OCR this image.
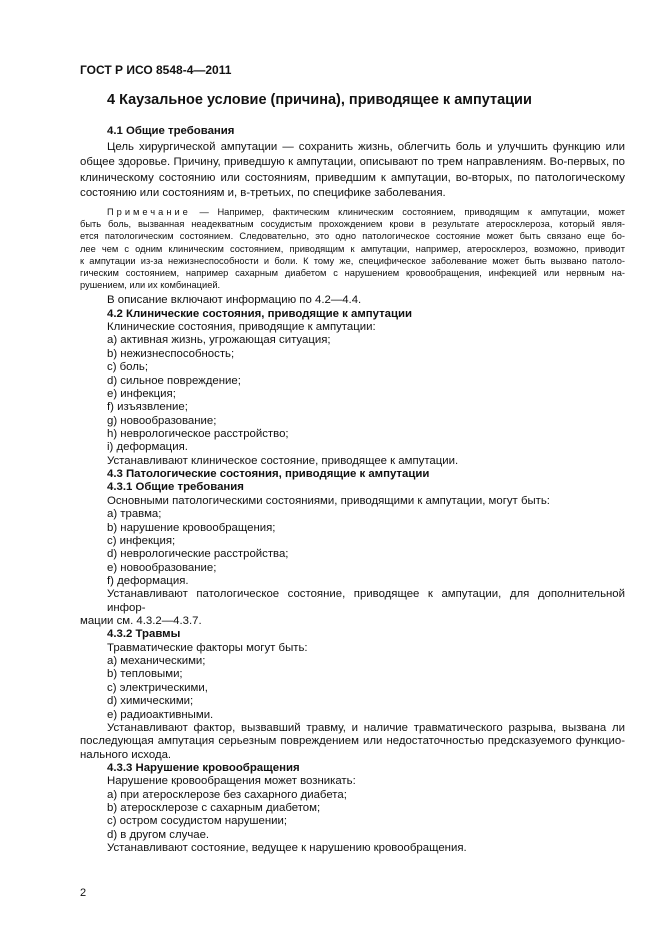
ГОСТ Р ИСО 8548-4—2011
4 Каузальное условие (причина), приводящее к ампутации
4.1 Общие требования
Цель хирургической ампутации — сохранить жизнь, облегчить боль и улучшить функцию или
общее здоровье. Причину, приведшую к ампутации, описывают по трем направлениям. Во-первых, по
клиническому состоянию или состояниям, приведшим к ампутации, во-вторых, по патологическому
состоянию или состояниям и, в-третьих, по специфике заболевания.
Примечание — Например, фактическим клиническим состоянием, приводящим к ампутации, может
быть боль, вызванная неадекватным сосудистым прохождением крови в результате атеросклероза, который явля-
ется патологическим состоянием. Следовательно, это одно патологическое состояние может быть связано еще бо-
лее чем с одним клиническим состоянием, приводящим к ампутации, например, атеросклероз, возможно, приводит
к ампутации из-за нежизнеспособности и боли. К тому же, специфическое заболевание может быть вызвано патоло-
гическим состоянием, например сахарным диабетом с нарушением кровообращения, инфекцией или нервным на-
рушением, или их комбинацией.
В описание включают информацию по 4.2—4.4.
4.2 Клинические состояния, приводящие к ампутации
Клинические состояния, приводящие к ампутации:
a) активная жизнь, угрожающая ситуация;
b) нежизнеспособность;
c) боль;
d) сильное повреждение;
e) инфекция;
f) изъязвление;
g) новообразование;
h) неврологическое расстройство;
i) деформация.
Устанавливают клиническое состояние, приводящее к ампутации.
4.3 Патологические состояния, приводящие к ампутации
4.3.1 Общие требования
Основными патологическими состояниями, приводящими к ампутации, могут быть:
a) травма;
b) нарушение кровообращения;
c) инфекция;
d) неврологические расстройства;
e) новообразование;
f) деформация.
Устанавливают патологическое состояние, приводящее к ампутации, для дополнительной инфор-
мации см. 4.3.2—4.3.7.
4.3.2 Травмы
Травматические факторы могут быть:
a) механическими;
b) тепловыми;
c) электрическими,
d) химическими;
e) радиоактивными.
Устанавливают фактор, вызвавший травму, и наличие травматического разрыва, вызвана ли
последующая ампутация серьезным повреждением или недостаточностью предсказуемого функцио-
нального исхода.
4.3.3 Нарушение кровообращения
Нарушение кровообращения может возникать:
a) при атеросклерозе без сахарного диабета;
b) атеросклерозе с сахарным диабетом;
c) остром сосудистом нарушении;
d) в другом случае.
Устанавливают состояние, ведущее к нарушению кровообращения.
2
